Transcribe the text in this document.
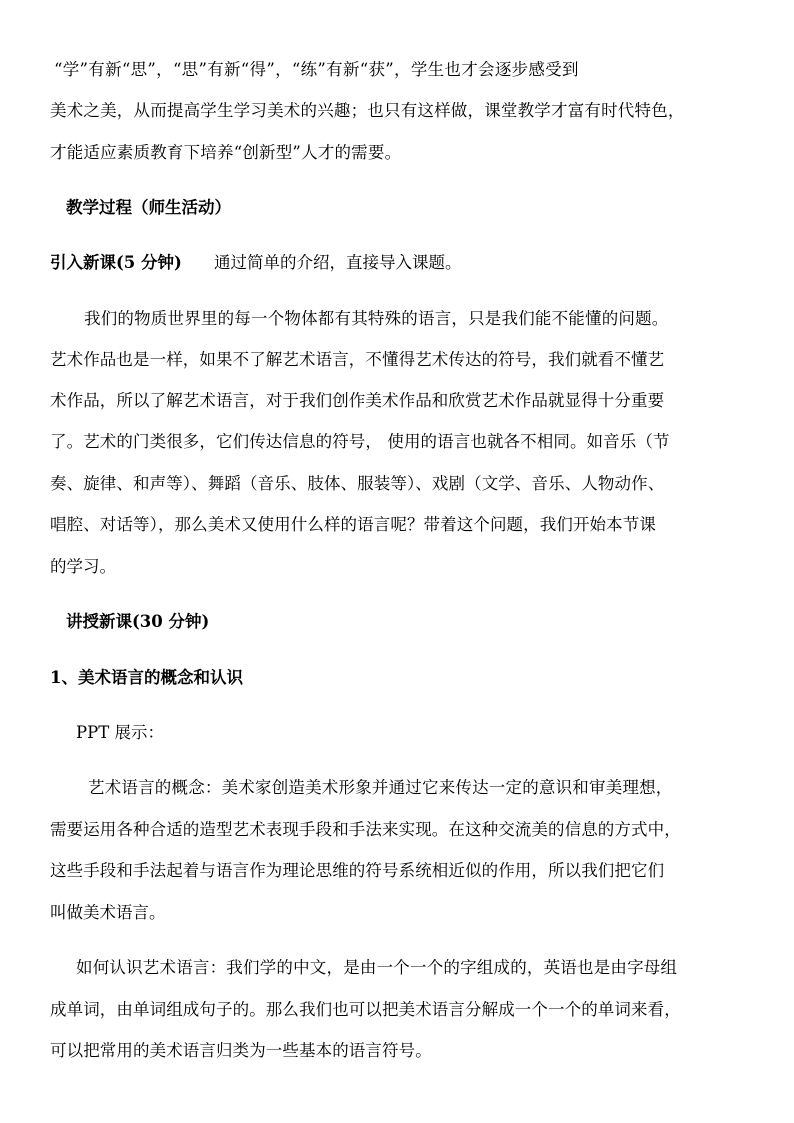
“学”有新“思”，“思”有新“得”，“练”有新“获”，学生也才会逐步感受到
美术之美，从而提高学生学习美术的兴趣；也只有这样做，课堂教学才富有时代特色，
才能适应素质教育下培养“创新型”人才的需要。
教学过程（师生活动）
引入新课(5 分钟) 通过简单的介绍，直接导入课题。
我们的物质世界里的每一个物体都有其特殊的语言，只是我们能不能懂的问题。
艺术作品也是一样，如果不了解艺术语言，不懂得艺术传达的符号，我们就看不懂艺
术作品，所以了解艺术语言，对于我们创作美术作品和欣赏艺术作品就显得十分重要
了。艺术的门类很多，它们传达信息的符号， 使用的语言也就各不相同。如音乐（节
奏、旋律、和声等）、舞蹈（音乐、肢体、服装等）、戏剧（文学、音乐、人物动作、
唱腔、对话等），那么美术又使用什么样的语言呢？带着这个问题，我们开始本节课
的学习。
讲授新课(30 分钟)
1、美术语言的概念和认识
PPT 展示：
艺术语言的概念：美术家创造美术形象并通过它来传达一定的意识和审美理想，
需要运用各种合适的造型艺术表现手段和手法来实现。在这种交流美的信息的方式中，
这些手段和手法起着与语言作为理论思维的符号系统相近似的作用，所以我们把它们
叫做美术语言。
如何认识艺术语言：我们学的中文，是由一个一个的字组成的，英语也是由字母组
成单词，由单词组成句子的。那么我们也可以把美术语言分解成一个一个的单词来看，
可以把常用的美术语言归类为一些基本的语言符号。
